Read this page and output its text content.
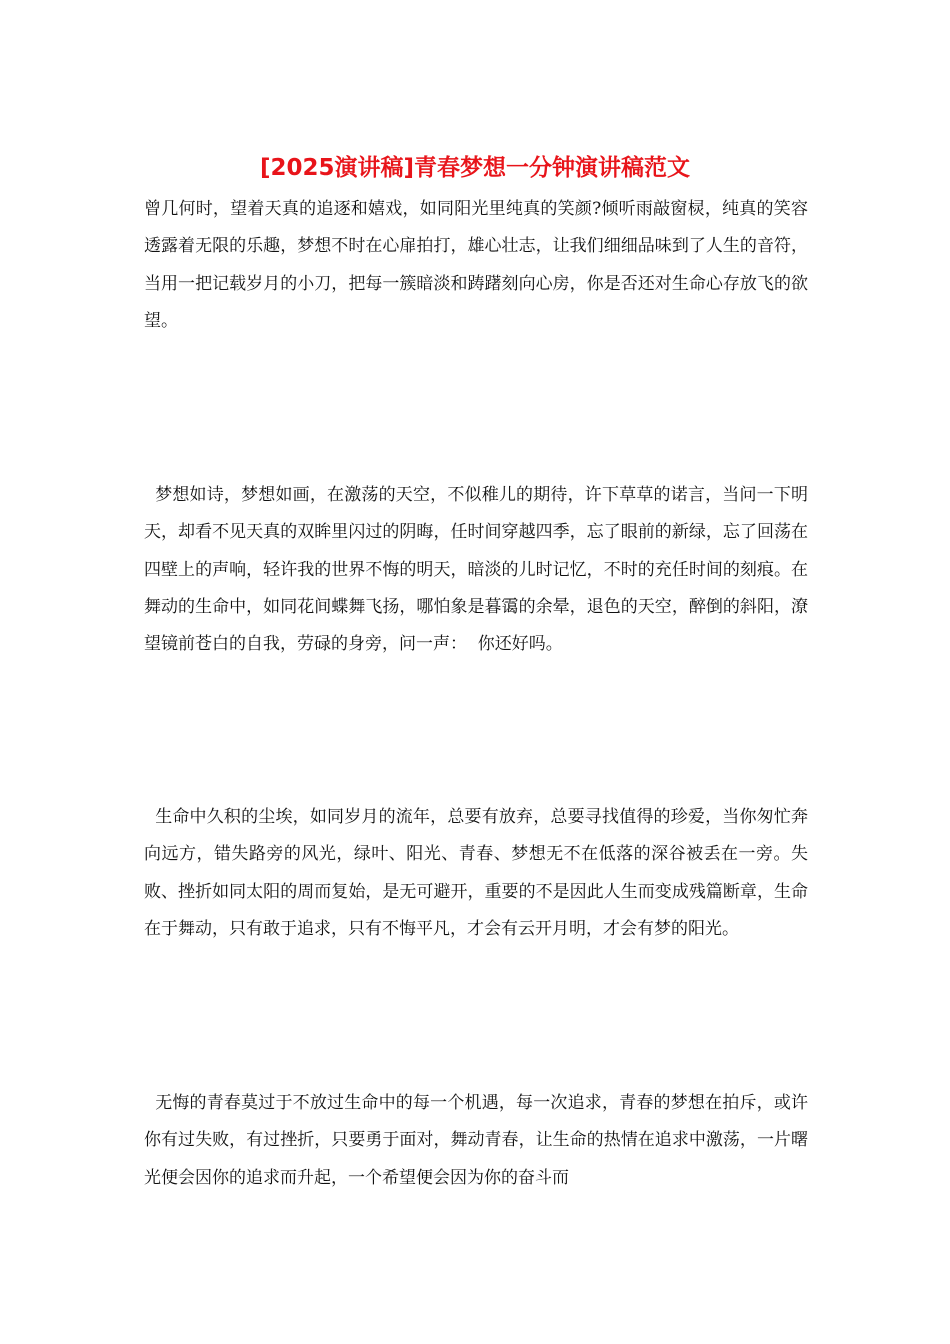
[2025演讲稿]青春梦想一分钟演讲稿范文

曾几何时，望着天真的追逐和嬉戏，如同阳光里纯真的笑颜?倾听雨敲窗棂，纯真的笑容透露着无限的乐趣，梦想不时在心扉拍打，雄心壮志，让我们细细品味到了人生的音符，当用一把记载岁月的小刀，把每一簇暗淡和踌躇刻向心房，你是否还对生命心存放飞的欲望。

梦想如诗，梦想如画，在激荡的天空，不似稚儿的期待，许下草草的诺言，当问一下明天，却看不见天真的双眸里闪过的阴晦，任时间穿越四季，忘了眼前的新绿，忘了回荡在四壁上的声响，轻许我的世界不悔的明天，暗淡的儿时记忆，不时的充任时间的刻痕。在舞动的生命中，如同花间蝶舞飞扬，哪怕象是暮霭的余晕，退色的天空，醉倒的斜阳，潦望镜前苍白的自我，劳碌的身旁，问一声：  你还好吗。

生命中久积的尘埃，如同岁月的流年，总要有放弃，总要寻找值得的珍爱，当你匆忙奔向远方，错失路旁的风光，绿叶、阳光、青春、梦想无不在低落的深谷被丢在一旁。失败、挫折如同太阳的周而复始，是无可避开，重要的不是因此人生而变成残篇断章，生命在于舞动，只有敢于追求，只有不悔平凡，才会有云开月明，才会有梦的阳光。

无悔的青春莫过于不放过生命中的每一个机遇，每一次追求，青春的梦想在拍斥，或许你有过失败，有过挫折，只要勇于面对，舞动青春，让生命的热情在追求中激荡，一片曙光便会因你的追求而升起，一个希望便会因为你的奋斗而
